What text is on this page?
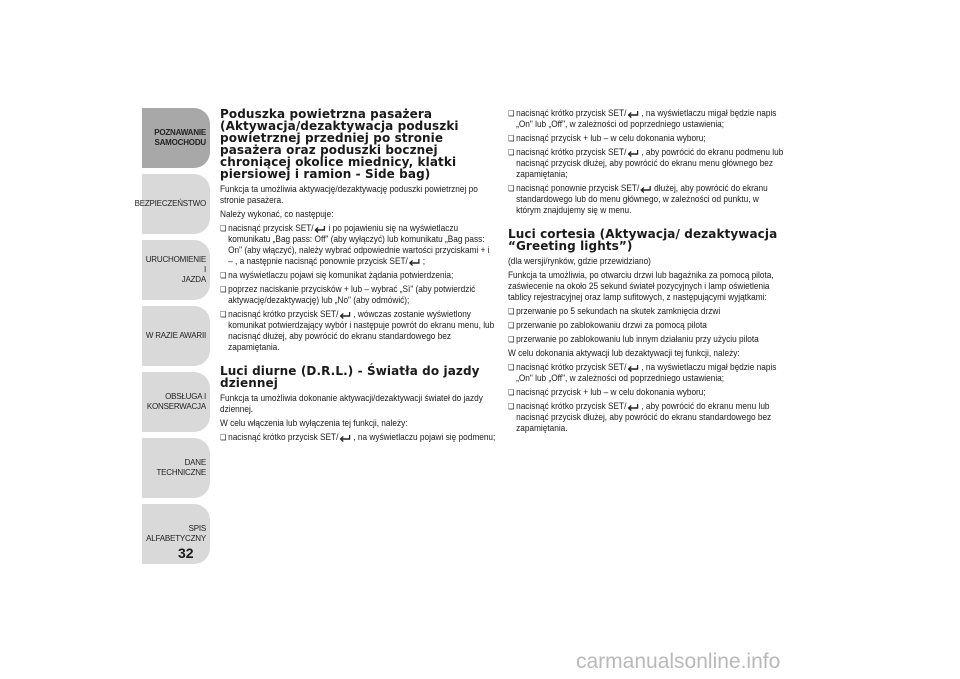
POZNAWANIE
SAMOCHODU
BEZPIECZEŃSTWO
URUCHOMIENIE I
JAZDA
W RAZIE AWARII
OBSŁUGA I
KONSERWACJA
DANE TECHNICZNE
SPIS ALFABETYCZNY
32
Poduszka powietrzna pasażera (Aktywacja/dezaktywacja poduszki powietrznej przedniej po stronie pasażera oraz poduszki bocznej chroniącej okolice miednicy, klatki piersiowej i ramion - Side bag)

Funkcja ta umożliwia aktywację/dezaktywację poduszki powietrznej po stronie pasażera.

Należy wykonać, co następuje:

❏ nacisnąć przycisk SET/ i po pojawieniu się na wyświetlaczu komunikatu „Bag pass: Off" (aby wyłączyć) lub komunikatu „Bag pass: On" (aby włączyć), należy wybrać odpowiednie wartości przyciskami + i – , a następnie nacisnąć ponownie przycisk SET/ ;
❏ na wyświetlaczu pojawi się komunikat żądania potwierdzenia;
❏ poprzez naciskanie przycisków + lub – wybrać „Sì" (aby potwierdzić aktywację/dezaktywację) lub „No" (aby odmówić);
❏ nacisnąć krótko przycisk SET/ , wówczas zostanie wyświetlony komunikat potwierdzający wybór i następuje powrót do ekranu menu, lub nacisnąć dłużej, aby powrócić do ekranu standardowego bez zapamiętania.
Luci diurne (D.R.L.) - Światła do jazdy dziennej

Funkcja ta umożliwia dokonanie aktywacji/dezaktywacji świateł do jazdy dziennej.

W celu włączenia lub wyłączenia tej funkcji, należy:

❏ nacisnąć krótko przycisk SET/ , na wyświetlaczu pojawi się podmenu;
❏ nacisnąć krótko przycisk SET/ , na wyświetlaczu migał będzie napis „On" lub „Off", w zależności od poprzedniego ustawienia;
❏ nacisnąć przycisk + lub – w celu dokonania wyboru;
❏ nacisnąć krótko przycisk SET/ , aby powrócić do ekranu podmenu lub nacisnąć przycisk dłużej, aby powrócić do ekranu menu głównego bez zapamiętania;
❏ nacisnąć ponownie przycisk SET/ dłużej, aby powrócić do ekranu standardowego lub do menu głównego, w zależności od punktu, w którym znajdujemy się w menu.
Luci cortesia (Aktywacja/ dezaktywacja “Greeting lights”)

(dla wersji/rynków, gdzie przewidziano)

Funkcja ta umożliwia, po otwarciu drzwi lub bagażnika za pomocą pilota, zaświecenie na około 25 sekund świateł pozycyjnych i lamp oświetlenia tablicy rejestracyjnej oraz lamp sufitowych, z następującymi wyjątkami:

❏ przerwanie po 5 sekundach na skutek zamknięcia drzwi
❏ przerwanie po zablokowaniu drzwi za pomocą pilota
❏ przerwanie po zablokowaniu lub innym działaniu przy użyciu pilota

W celu dokonania aktywacji lub dezaktywacji tej funkcji, należy:

❏ nacisnąć krótko przycisk SET/ , na wyświetlaczu migał będzie napis „On" lub „Off", w zależności od poprzedniego ustawienia;
❏ nacisnąć przycisk + lub – w celu dokonania wyboru;
❏ nacisnąć krótko przycisk SET/ , aby powrócić do ekranu menu lub nacisnąć przycisk dłużej, aby powrócić do ekranu standardowego bez zapamiętania.
carmanualsonline.info
